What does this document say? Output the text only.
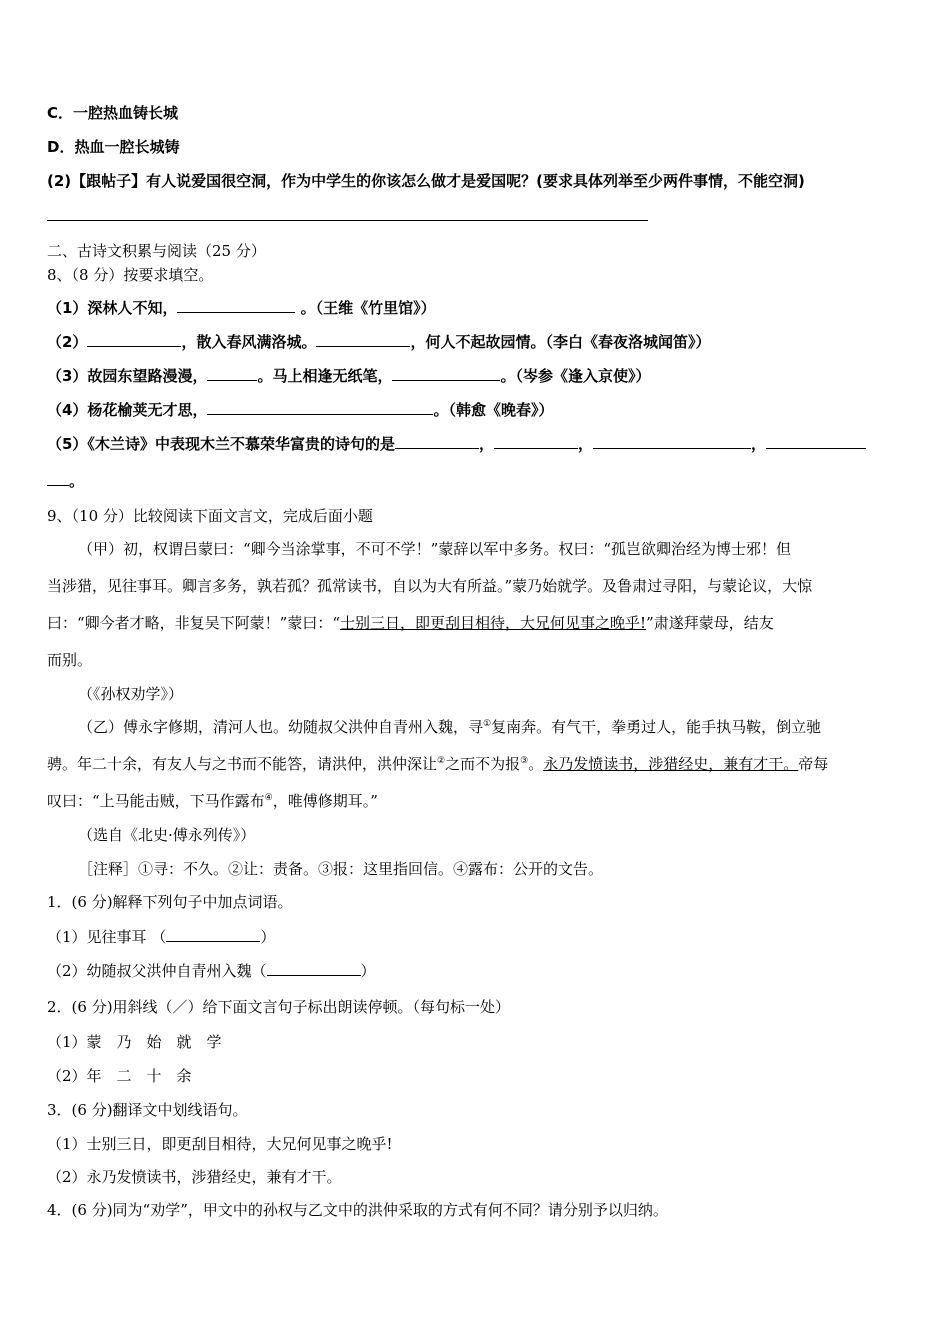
C．一腔热血铸长城
D．热血一腔长城铸
(2)【跟帖子】有人说爱国很空洞，作为中学生的你该怎么做才是爱国呢？(要求具体列举至少两件事情，不能空洞)
二、古诗文积累与阅读（25 分）
8、（8 分）按要求填空。
（1）深林人不知，	。（王维《竹里馆》）
（2）	，散入春风满洛城。	，何人不起故园情。（李白《春夜洛城闻笛》）
（3）故园东望路漫漫，	。马上相逢无纸笔，	。（岑参《逢入京使》）
（4）杨花榆荚无才思，	。（韩愈《晚春》）
（5）《木兰诗》中表现木兰不慕荣华富贵的诗句的是	，	，	，
。
9、（10 分）比较阅读下面文言文，完成后面小题
（甲）初，权谓吕蒙曰：“卿今当涂掌事，不可不学！”蒙辞以军中多务。权曰：“孤岂欲卿治经为博士邪！但
当涉猎，见往事耳。卿言多务，孰若孤？孤常读书，自以为大有所益。”蒙乃始就学。及鲁肃过寻阳，与蒙论议，大惊
曰：“卿今者才略，非复吴下阿蒙！”蒙曰：“士别三日，即更刮目相待，大兄何见事之晚乎!”肃遂拜蒙母，结友
而别。
（《孙权劝学》）
（乙）傅永字修期，清河人也。幼随叔父洪仲自青州入魏，寻①复南奔。有气干，拳勇过人，能手执马鞍，倒立驰
骋。年二十余，有友人与之书而不能答，请洪仲，洪仲深让②之而不为报③。永乃发愤读书，涉猎经史，兼有才干。帝每
叹曰：“上马能击贼，下马作露布④，唯傅修期耳。”
（选自《北史·傅永列传》）
［注释］①寻：不久。②让：责备。③报：这里指回信。④露布：公开的文告。
1．(6 分)解释下列句子中加点词语。
（1）见往事耳 （	）
（2）幼随叔父洪仲自青州入魏（	）
2．(6 分)用斜线（／）给下面文言句子标出朗读停顿。（每句标一处）
（1）蒙　乃　始　就　学
（2）年　二　十　余
3．(6 分)翻译文中划线语句。
（1）士别三日，即更刮目相待，大兄何见事之晚乎!
（2）永乃发愤读书，涉猎经史，兼有才干。
4．(6 分)同为“劝学”，甲文中的孙权与乙文中的洪仲采取的方式有何不同？请分别予以归纳。
